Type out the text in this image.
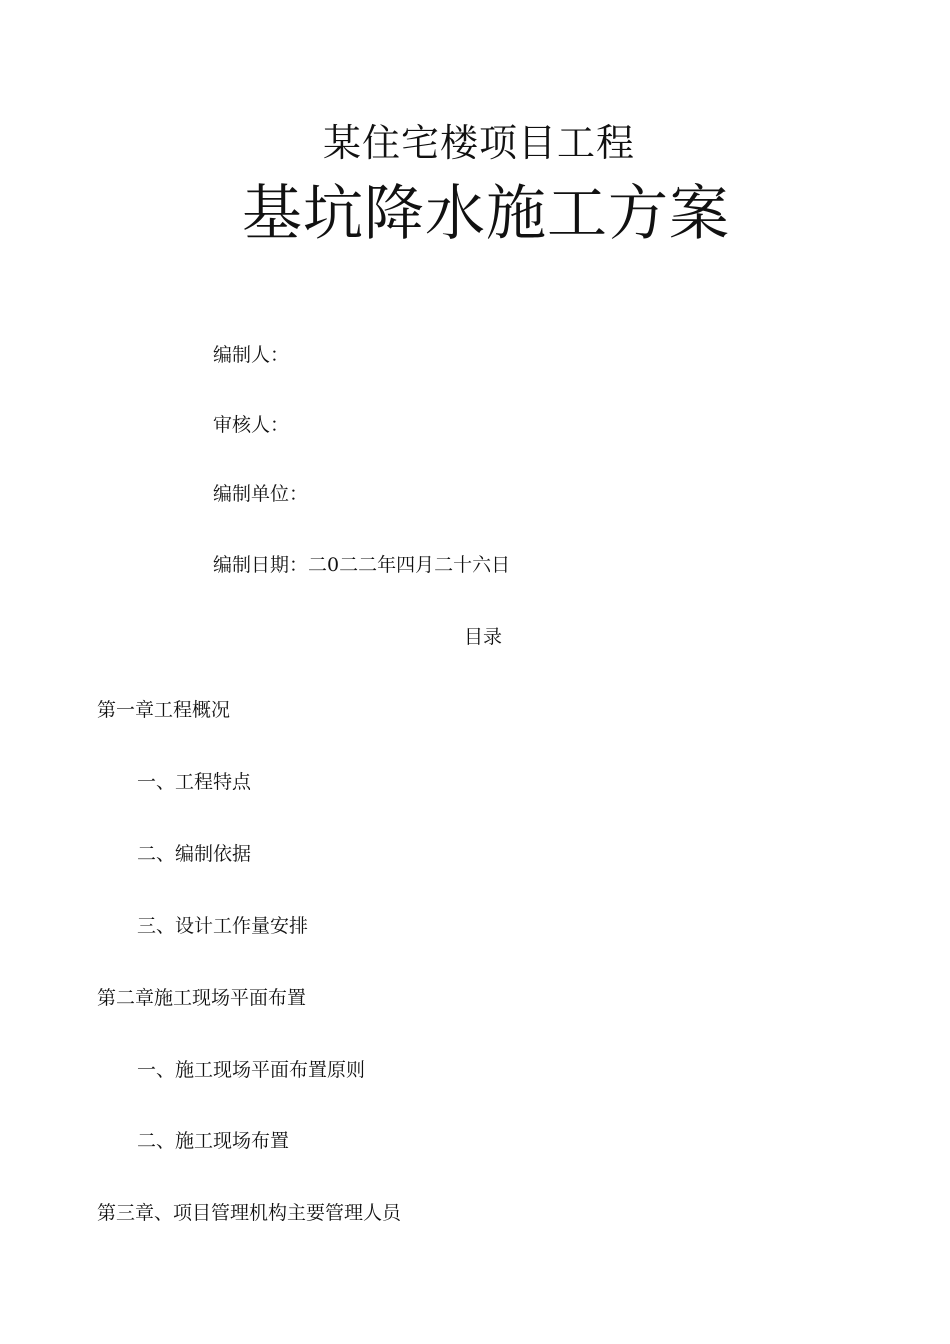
某住宅楼项目工程
基坑降水施工方案
编制人：
审核人：
编制单位：
编制日期：二0二二年四月二十六日
目录
第一章工程概况
一、工程特点
二、编制依据
三、设计工作量安排
第二章施工现场平面布置
一、施工现场平面布置原则
二、施工现场布置
第三章、项目管理机构主要管理人员
